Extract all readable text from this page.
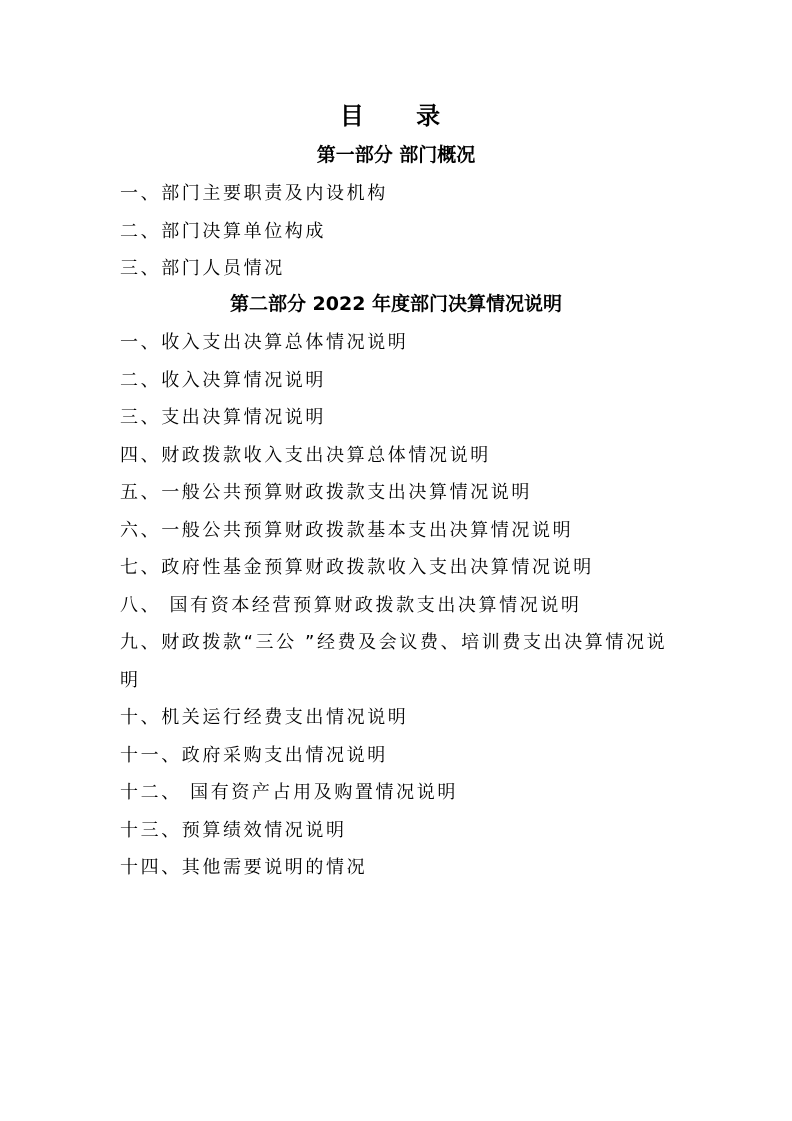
目 录
第一部分 部门概况
一、部门主要职责及内设机构
二、部门决算单位构成
三、部门人员情况
第二部分 2022 年度部门决算情况说明
一、收入支出决算总体情况说明
二、收入决算情况说明
三、支出决算情况说明
四、财政拨款收入支出决算总体情况说明
五、一般公共预算财政拨款支出决算情况说明
六、一般公共预算财政拨款基本支出决算情况说明
七、政府性基金预算财政拨款收入支出决算情况说明
八、 国有资本经营预算财政拨款支出决算情况说明
九、财政拨款“三公 ”经费及会议费、培训费支出决算情况说明
十、机关运行经费支出情况说明
十一、政府采购支出情况说明
十二、 国有资产占用及购置情况说明
十三、预算绩效情况说明
十四、其他需要说明的情况
